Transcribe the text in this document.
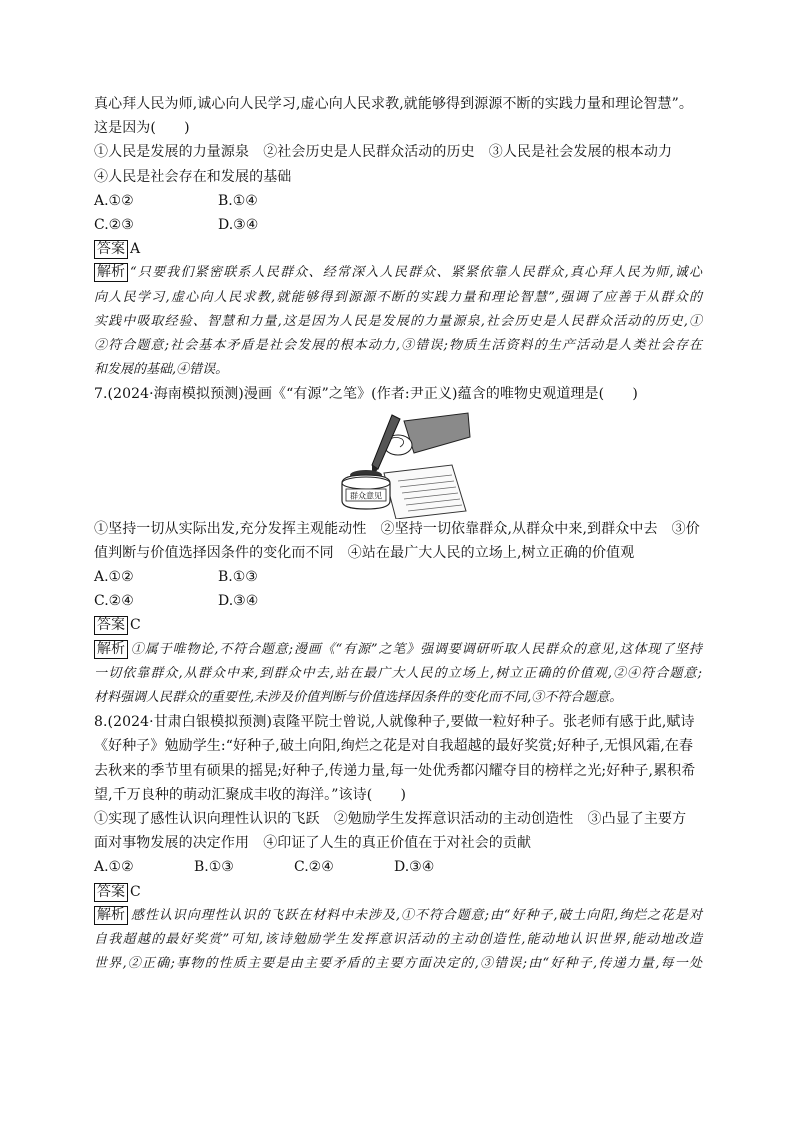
真心拜人民为师,诚心向人民学习,虚心向人民求教,就能够得到源源不断的实践力量和理论智慧”。
这是因为(　　)
①人民是发展的力量源泉　②社会历史是人民群众活动的历史　③人民是社会发展的根本动力
④人民是社会存在和发展的基础
A.①②	B.①④
C.②③	D.③④
答案 A
解析 “只要我们紧密联系人民群众、经常深入人民群众、紧紧依靠人民群众,真心拜人民为师,诚心
向人民学习,虚心向人民求教,就能够得到源源不断的实践力量和理论智慧”,强调了应善于从群众的
实践中吸取经验、智慧和力量,这是因为人民是发展的力量源泉,社会历史是人民群众活动的历史,①
②符合题意;社会基本矛盾是社会发展的根本动力,③错误;物质生活资料的生产活动是人类社会存在
和发展的基础,④错误。
7.(2024·海南模拟预测)漫画《“有源”之笔》(作者:尹正义)蕴含的唯物史观道理是(　　)
群众意见
①坚持一切从实际出发,充分发挥主观能动性　②坚持一切依靠群众,从群众中来,到群众中去　③价
值判断与价值选择因条件的变化而不同　④站在最广大人民的立场上,树立正确的价值观
A.①②	B.①③
C.②④	D.③④
答案 C
解析 ①属于唯物论,不符合题意;漫画《“有源”之笔》强调要调研听取人民群众的意见,这体现了坚持
一切依靠群众,从群众中来,到群众中去,站在最广大人民的立场上,树立正确的价值观,②④符合题意;
材料强调人民群众的重要性,未涉及价值判断与价值选择因条件的变化而不同,③不符合题意。
8.(2024·甘肃白银模拟预测)袁隆平院士曾说,人就像种子,要做一粒好种子。张老师有感于此,赋诗
《好种子》勉励学生:“好种子,破土向阳,绚烂之花是对自我超越的最好奖赏;好种子,无惧风霜,在春
去秋来的季节里有硕果的摇晃;好种子,传递力量,每一处优秀都闪耀夺目的榜样之光;好种子,累积希
望,千万良种的萌动汇聚成丰收的海洋。”该诗(　　)
①实现了感性认识向理性认识的飞跃　②勉励学生发挥意识活动的主动创造性　③凸显了主要方
面对事物发展的决定作用　④印证了人生的真正价值在于对社会的贡献
A.①②	B.①③	C.②④	D.③④
答案 C
解析 感性认识向理性认识的飞跃在材料中未涉及,①不符合题意;由“好种子,破土向阳,绚烂之花是对
自我超越的最好奖赏”可知,该诗勉励学生发挥意识活动的主动创造性,能动地认识世界,能动地改造
世界,②正确;事物的性质主要是由主要矛盾的主要方面决定的,③错误;由“好种子,传递力量,每一处
